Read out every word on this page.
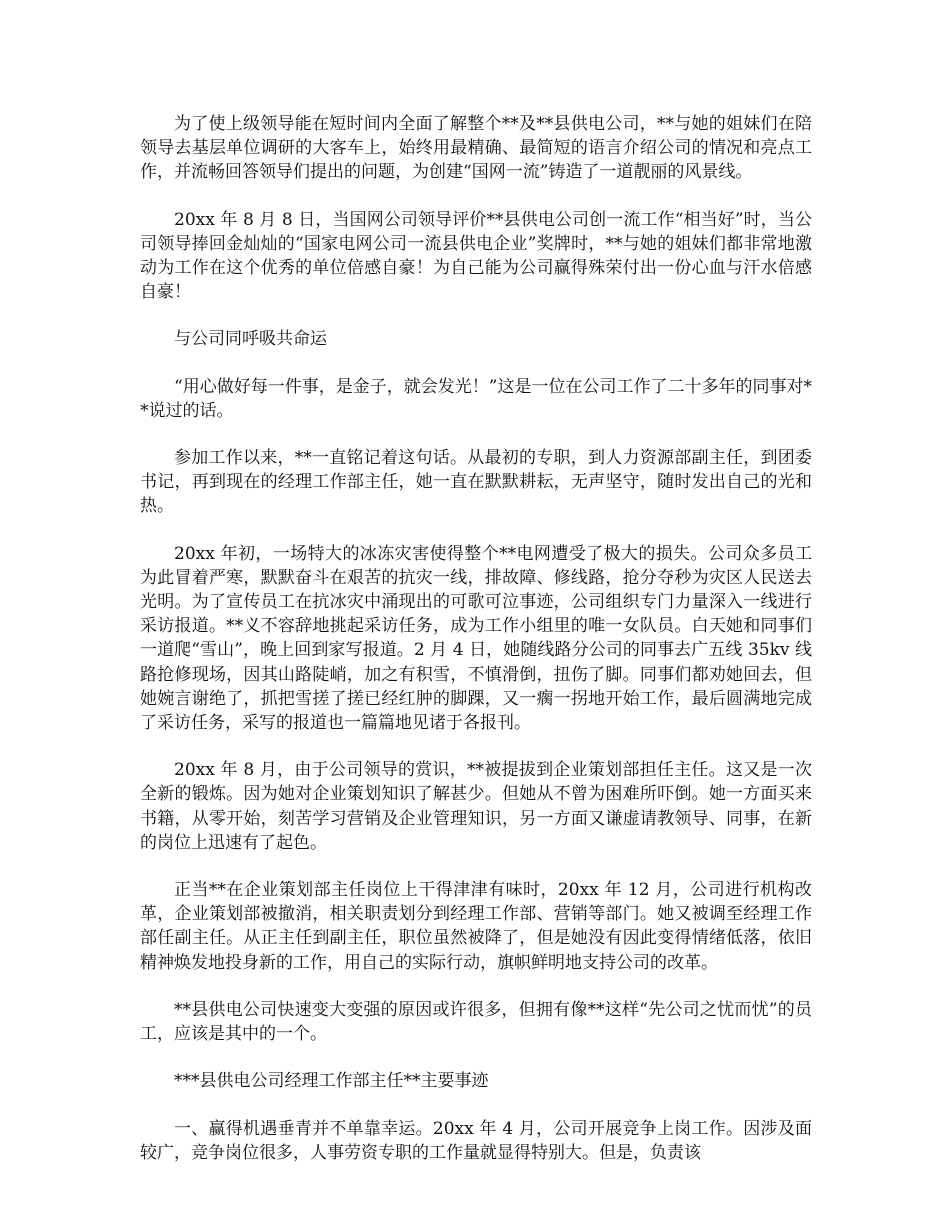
为了使上级领导能在短时间内全面了解整个**及**县供电公司，**与她的姐妹们在陪领导去基层单位调研的大客车上，始终用最精确、最简短的语言介绍公司的情况和亮点工作，并流畅回答领导们提出的问题，为创建“国网一流”铸造了一道靓丽的风景线。

20xx 年 8 月 8 日，当国网公司领导评价**县供电公司创一流工作“相当好”时，当公司领导捧回金灿灿的“国家电网公司一流县供电企业”奖牌时，**与她的姐妹们都非常地激动为工作在这个优秀的单位倍感自豪！为自己能为公司赢得殊荣付出一份心血与汗水倍感自豪！

与公司同呼吸共命运

“用心做好每一件事，是金子，就会发光！”这是一位在公司工作了二十多年的同事对**说过的话。

参加工作以来，**一直铭记着这句话。从最初的专职，到人力资源部副主任，到团委书记，再到现在的经理工作部主任，她一直在默默耕耘，无声坚守，随时发出自己的光和热。

20xx 年初，一场特大的冰冻灾害使得整个**电网遭受了极大的损失。公司众多员工为此冒着严寒，默默奋斗在艰苦的抗灾一线，排故障、修线路，抢分夺秒为灾区人民送去光明。为了宣传员工在抗冰灾中涌现出的可歌可泣事迹，公司组织专门力量深入一线进行采访报道。**义不容辞地挑起采访任务，成为工作小组里的唯一女队员。白天她和同事们一道爬“雪山”，晚上回到家写报道。2 月 4 日，她随线路分公司的同事去广五线 35kv 线路抢修现场，因其山路陡峭，加之有积雪，不慎滑倒，扭伤了脚。同事们都劝她回去，但她婉言谢绝了，抓把雪搓了搓已经红肿的脚踝，又一瘸一拐地开始工作，最后圆满地完成了采访任务，采写的报道也一篇篇地见诸于各报刊。

20xx 年 8 月，由于公司领导的赏识，**被提拔到企业策划部担任主任。这又是一次全新的锻炼。因为她对企业策划知识了解甚少。但她从不曾为困难所吓倒。她一方面买来书籍，从零开始，刻苦学习营销及企业管理知识，另一方面又谦虚请教领导、同事，在新的岗位上迅速有了起色。

正当**在企业策划部主任岗位上干得津津有味时，20xx 年 12 月，公司进行机构改革，企业策划部被撤消，相关职责划分到经理工作部、营销等部门。她又被调至经理工作部任副主任。从正主任到副主任，职位虽然被降了，但是她没有因此变得情绪低落，依旧精神焕发地投身新的工作，用自己的实际行动，旗帜鲜明地支持公司的改革。

**县供电公司快速变大变强的原因或许很多，但拥有像**这样“先公司之忧而忧”的员工，应该是其中的一个。

***县供电公司经理工作部主任**主要事迹

一、赢得机遇垂青并不单靠幸运。20xx 年 4 月，公司开展竞争上岗工作。因涉及面较广，竞争岗位很多，人事劳资专职的工作量就显得特别大。但是，负责该
